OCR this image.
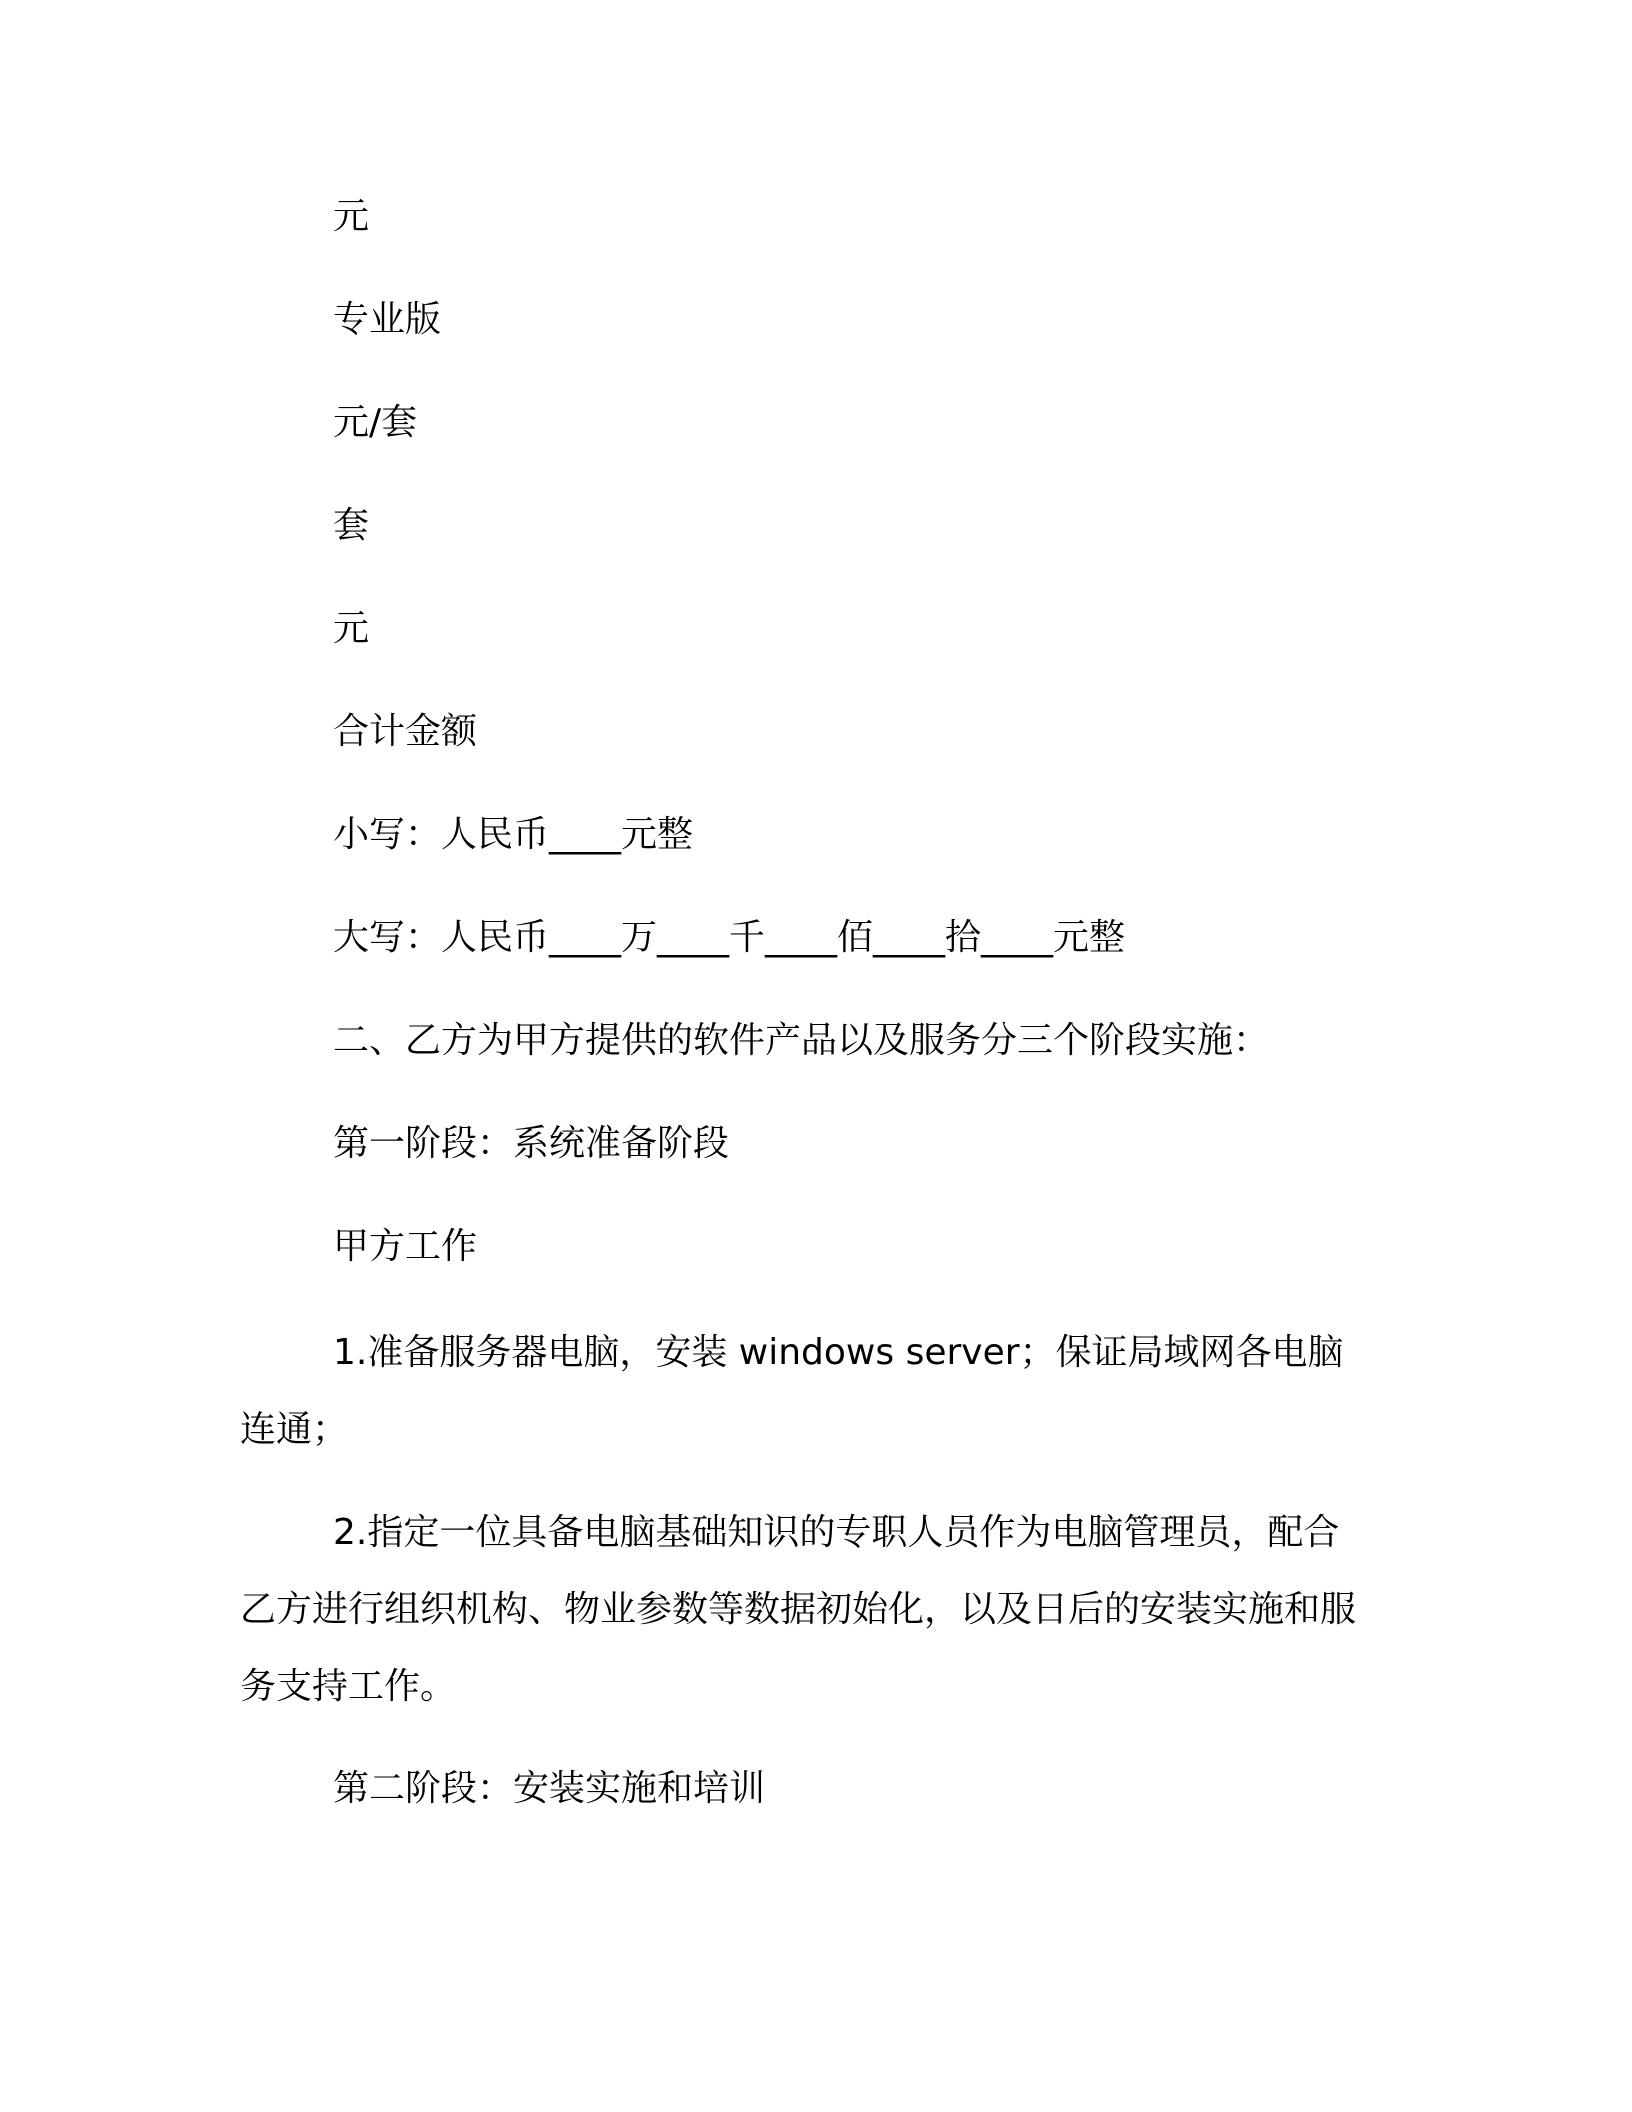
元

专业版

元/套

套

元

合计金额

小写：人民币____元整

大写：人民币____万____千____佰____拾____元整

二、乙方为甲方提供的软件产品以及服务分三个阶段实施：

第一阶段：系统准备阶段

甲方工作

1.准备服务器电脑，安装 windows server；保证局域网各电脑连通；

2.指定一位具备电脑基础知识的专职人员作为电脑管理员，配合乙方进行组织机构、物业参数等数据初始化，以及日后的安装实施和服务支持工作。

第二阶段：安装实施和培训
